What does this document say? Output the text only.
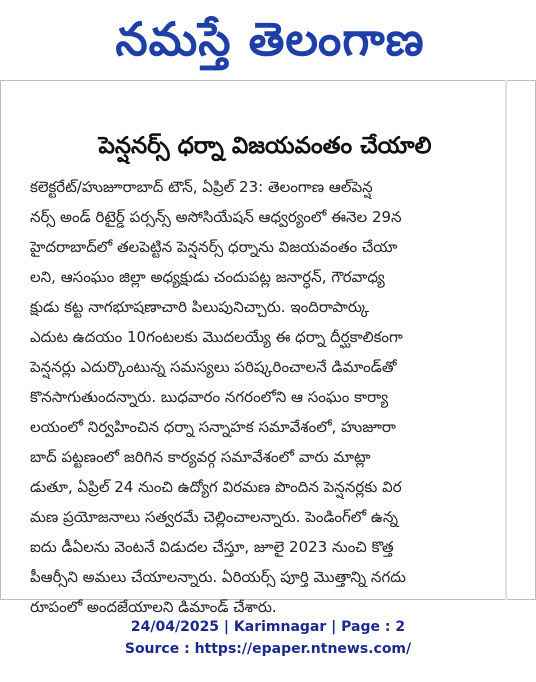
నమస్తే తెలంగాణ
పెన్షనర్స్ ధర్నా విజయవంతం చేయాలి
కలెక్టరేట్/హుజూరాబాద్ టౌన్, ఏప్రిల్ 23: తెలంగాణ ఆల్‌పెన్ష
నర్స్ అండ్ రిటైర్డ్ పర్సన్స్ అసోసియేషన్ ఆధ్వర్యంలో ఈనెల 29న
హైదరాబాద్‌లో తలపెట్టిన పెన్షనర్స్ ధర్నాను విజయవంతం చేయా
లని, ఆసంఘం జిల్లా అధ్యక్షుడు చందుపట్ల జనార్ధన్, గౌరవాధ్య
క్షుడు కట్ట నాగభూషణాచారి పిలుపునిచ్చారు. ఇందిరాపార్కు
ఎదుట ఉదయం 10గంటలకు మొదలయ్యే ఈ ధర్నా దీర్ఘకాలికంగా
పెన్షనర్లు ఎదుర్కొంటున్న సమస్యలు పరిష్కరించాలనే డిమాండ్‌తో
కొనసాగుతుందన్నారు. బుధవారం నగరంలోని ఆ సంఘం కార్యా
లయంలో నిర్వహించిన ధర్నా సన్నాహక సమావేశంలో, హుజూరా
బాద్ పట్టణంలో జరిగిన కార్యవర్గ సమావేశంలో వారు మాట్లా
డుతూ, ఏప్రిల్ 24 నుంచి ఉద్యోగ విరమణ పొందిన పెన్షనర్లకు విర
మణ ప్రయోజనాలు సత్వరమే చెల్లించాలన్నారు. పెండింగ్‌లో ఉన్న
ఐదు డీఏలను వెంటనే విడుదల చేస్తూ, జూలై 2023 నుంచి కొత్త
పీఆర్సీని అమలు చేయాలన్నారు. ఏరియర్స్ పూర్తి మొత్తాన్ని నగదు
రూపంలో అందజేయాలని డిమాండ్ చేశారు.
24/04/2025 | Karimnagar | Page : 2
Source : https://epaper.ntnews.com/
